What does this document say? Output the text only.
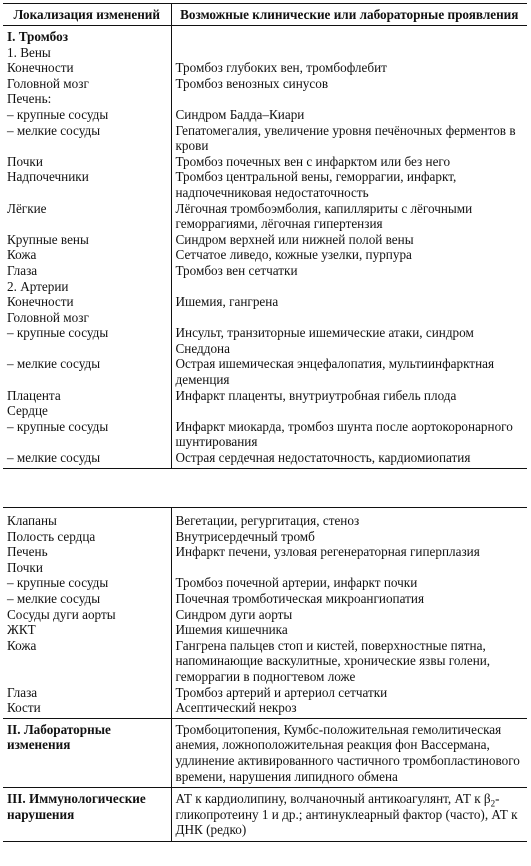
Локализация изменений	Возможные клинические или лабораторные проявления
I. Тромбоз	
1. Вены	
Конечности	Тромбоз глубоких вен, тромбофлебит
Головной мозг	Тромбоз венозных синусов
Печень:	
– крупные сосуды	Синдром Бадда–Киари
– мелкие сосуды	Гепатомегалия, увеличение уровня печёночных ферментов в крови
Почки	Тромбоз почечных вен с инфарктом или без него
Надпочечники	Тромбоз центральной вены, геморрагии, инфаркт, надпочечниковая недостаточность
Лёгкие	Лёгочная тромбоэмболия, капилляриты с лёгочными геморрагиями, лёгочная гипертензия
Крупные вены	Синдром верхней или нижней полой вены
Кожа	Сетчатое ливедо, кожные узелки, пурпура
Глаза	Тромбоз вен сетчатки
2. Артерии	
Конечности	Ишемия, гангрена
Головной мозг	
– крупные сосуды	Инсульт, транзиторные ишемические атаки, синдром Снеддона
– мелкие сосуды	Острая ишемическая энцефалопатия, мультиинфарктная деменция
Плацента	Инфаркт плаценты, внутриутробная гибель плода
Сердце	
– крупные сосуды	Инфаркт миокарда, тромбоз шунта после аортокоронарного шунтирования
– мелкие сосуды	Острая сердечная недостаточность, кардиомиопатия
Клапаны	Вегетации, регургитация, стеноз
Полость сердца	Внутрисердечный тромб
Печень	Инфаркт печени, узловая регенераторная гиперплазия
Почки	
– крупные сосуды	Тромбоз почечной артерии, инфаркт почки
– мелкие сосуды	Почечная тромботическая микроангиопатия
Сосуды дуги аорты	Синдром дуги аорты
ЖКТ	Ишемия кишечника
Кожа	Гангрена пальцев стоп и кистей, поверхностные пятна, напоминающие васкулитные, хронические язвы голени, геморрагии в подногтевом ложе
Глаза	Тромбоз артерий и артериол сетчатки
Кости	Асептический некроз
II. Лабораторные изменения	Тромбоцитопения, Кумбс-положительная гемолитическая анемия, ложноположительная реакция фон Вассермана, удлинение активированного частичного тромбопластинового времени, нарушения липидного обмена
III. Иммунологические нарушения	АТ к кардиолипину, волчаночный антикоагулянт, АТ к $\beta_2$-гликопротеину 1 и др.; антинуклеарный фактор (часто), АТ к ДНК (редко)
